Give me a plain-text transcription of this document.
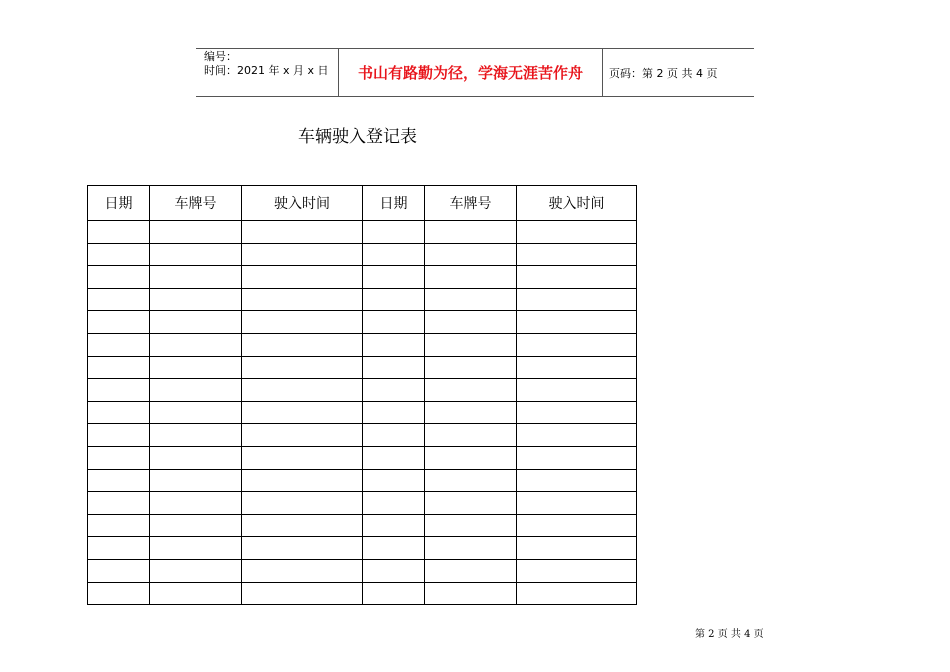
编号：
时间：2021 年 x 月 x 日	书山有路勤为径，学海无涯苦作舟	页码：第 2 页 共 4 页
车辆驶入登记表
日期	车牌号	驶入时间	日期	车牌号	驶入时间

第 2 页 共 4 页
